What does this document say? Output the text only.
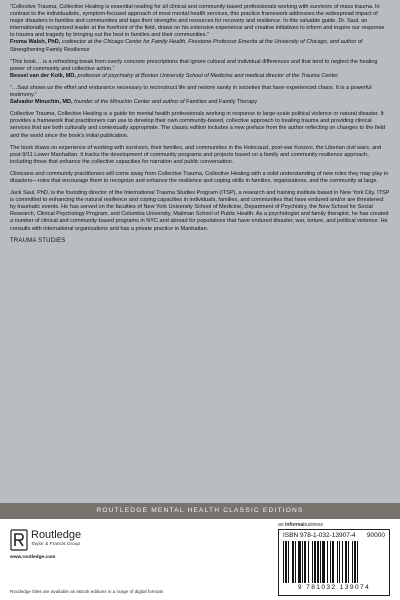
“Collective Trauma, Collective Healing is essential reading for all clinical and community-based professionals working with survivors of mass trauma. In contrast to the individualistic, symptom-focused approach of most mental health services, this practice framework addresses the widespread impact of major disasters in families and communities and taps their strengths and resources for recovery and resilience. In this valuable guide, Dr. Saul, an internationally recognized leader at the forefront of the field, draws on his extensive experience and creative initiatives to inform and inspire our response to trauma and tragedy by bringing out the best in families and their communities.”
Froma Walsh, PhD, codirector at the Chicago Center for Family Health, Firestone Professor Emerita at the University of Chicago, and author of Strengthening Family Resilience
“This book… is a refreshing break from overly concrete prescriptions that ignore cultural and individual differences and that tend to neglect the healing power of community and collective action.”
Bessel van der Kolk, MD, professor of psychiatry at Boston University School of Medicine and medical director of the Trauma Center
“…Saul shows us the effort and endurance necessary to reconstruct life and restore sanity in societies that have experienced chaos. It is a powerful testimony.”
Salvador Minuchin, MD, founder of the Minuchin Center and author of Families and Family Therapy

Collective Trauma, Collective Healing is a guide for mental health professionals working in response to large-scale political violence or natural disaster. It provides a framework that practitioners can use to develop their own community-based, collective approach to treating trauma and providing clinical services that are both culturally and contextually appropriate. The classic edition includes a new preface from the author reflecting on changes to the field and the world since the book’s initial publication.

The book draws on experience of working with survivors, their families, and communities in the Holocaust, post-war Kosovo, the Liberian civil wars, and post-9/11 Lower Manhattan. It tracks the development of community programs and projects based on a family and community resilience approach, including those that enhance the collective capacities for narration and public conversation.

Clinicians and community practitioners will come away from Collective Trauma, Collective Healing with a solid understanding of new roles they may play in disasters—roles that encourage them to recognize and enhance the resilience and coping skills in families, organizations, and the community at large.

Jack Saul, PhD, is the founding director of the International Trauma Studies Program (ITSP), a research and training institute based in New York City. ITSP is committed to enhancing the natural resilience and coping capacities in individuals, families, and communities that have endured and/or are threatened by traumatic events. He has served on the faculties of New York University School of Medicine, Department of Psychiatry, the New School for Social Research, Clinical Psychology Program, and Columbia University, Mailman School of Public Health. As a psychologist and family therapist, he has created a number of clinical and community-based programs in NYC and abroad for populations that have endured disaster, war, torture, and political violence. He consults with international organizations and has a private practice in Manhattan.

TRAUMA STUDIES
ROUTLEDGE MENTAL HEALTH CLASSIC EDITIONS
Routledge
Taylor & Francis Group
www.routledge.com
Routledge titles are available as eBook editions in a range of digital formats
an informabusiness
ISBN 978-1-032-13907-4 90000
9 781032 139074
